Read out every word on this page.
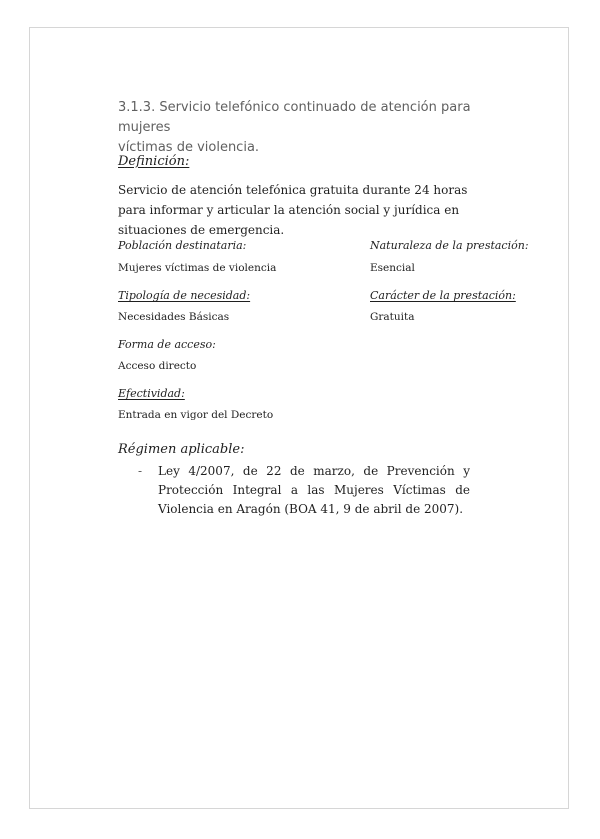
3.1.3. Servicio telefónico continuado de atención para mujeres
víctimas de violencia.
Definición:

Servicio de atención telefónica gratuita durante 24 horas para informar y articular la atención social y jurídica en situaciones de emergencia.

Población destinataria:
Mujeres víctimas de violencia
Naturaleza de la prestación:
Esencial
Tipología de necesidad:
Necesidades Básicas
Carácter de la prestación:
Gratuita
Forma de acceso:
Acceso directo
Efectividad:
Entrada en vigor del Decreto
Régimen aplicable:
- Ley 4/2007, de 22 de marzo, de Prevención y Protección Integral a las Mujeres Víctimas de Violencia en Aragón (BOA 41, 9 de abril de 2007).
